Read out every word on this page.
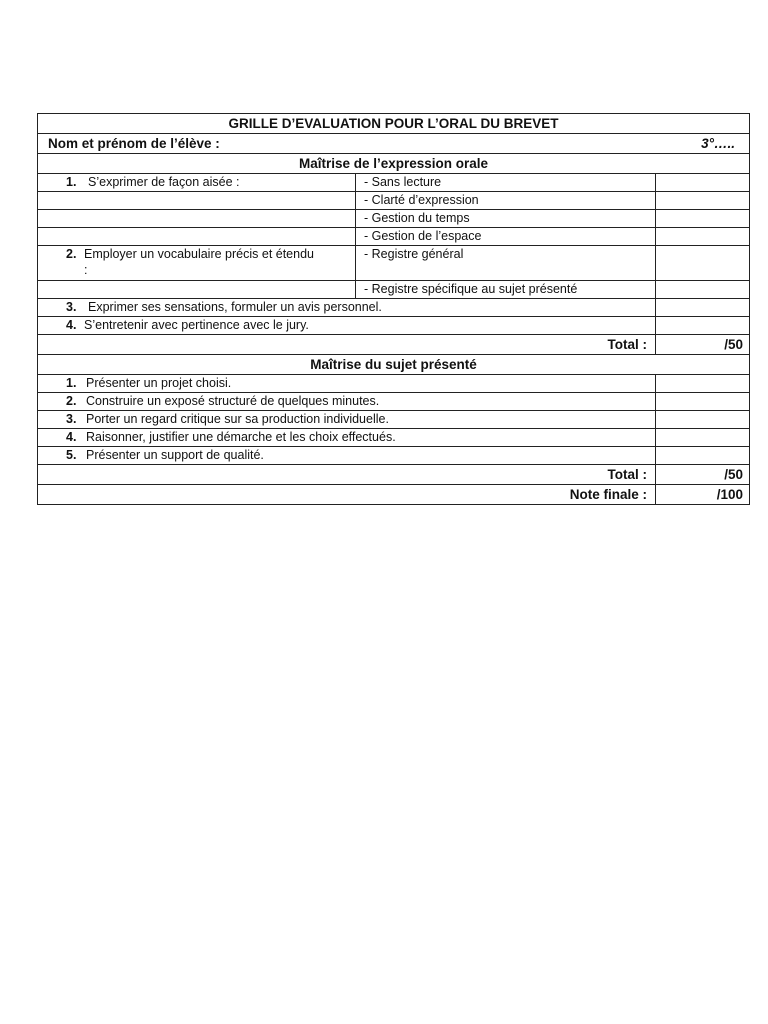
GRILLE D’EVALUATION POUR L’ORAL DU BREVET		

Nom et prénom de l’élève : 3°…..		

Maîtrise de l’expression orale		
1. S’exprimer de façon aisée :	- Sans lecture	
	- Clarté d’expression	
	- Gestion du temps	
	- Gestion de l’espace	
2. Employer un vocabulaire précis et étendu :	- Registre général	
	- Registre spécifique au sujet présenté	
3. Exprimer ses sensations, formuler un avis personnel.		
4. S’entretenir avec pertinence avec le jury.		
Total :		/50
Maîtrise du sujet présenté		
1. Présenter un projet choisi.		
2. Construire un exposé structuré de quelques minutes.		
3. Porter un regard critique sur sa production individuelle.		
4. Raisonner, justifier une démarche et les choix effectués.		
5. Présenter un support de qualité.		
Total :		/50
Note finale :		/100
